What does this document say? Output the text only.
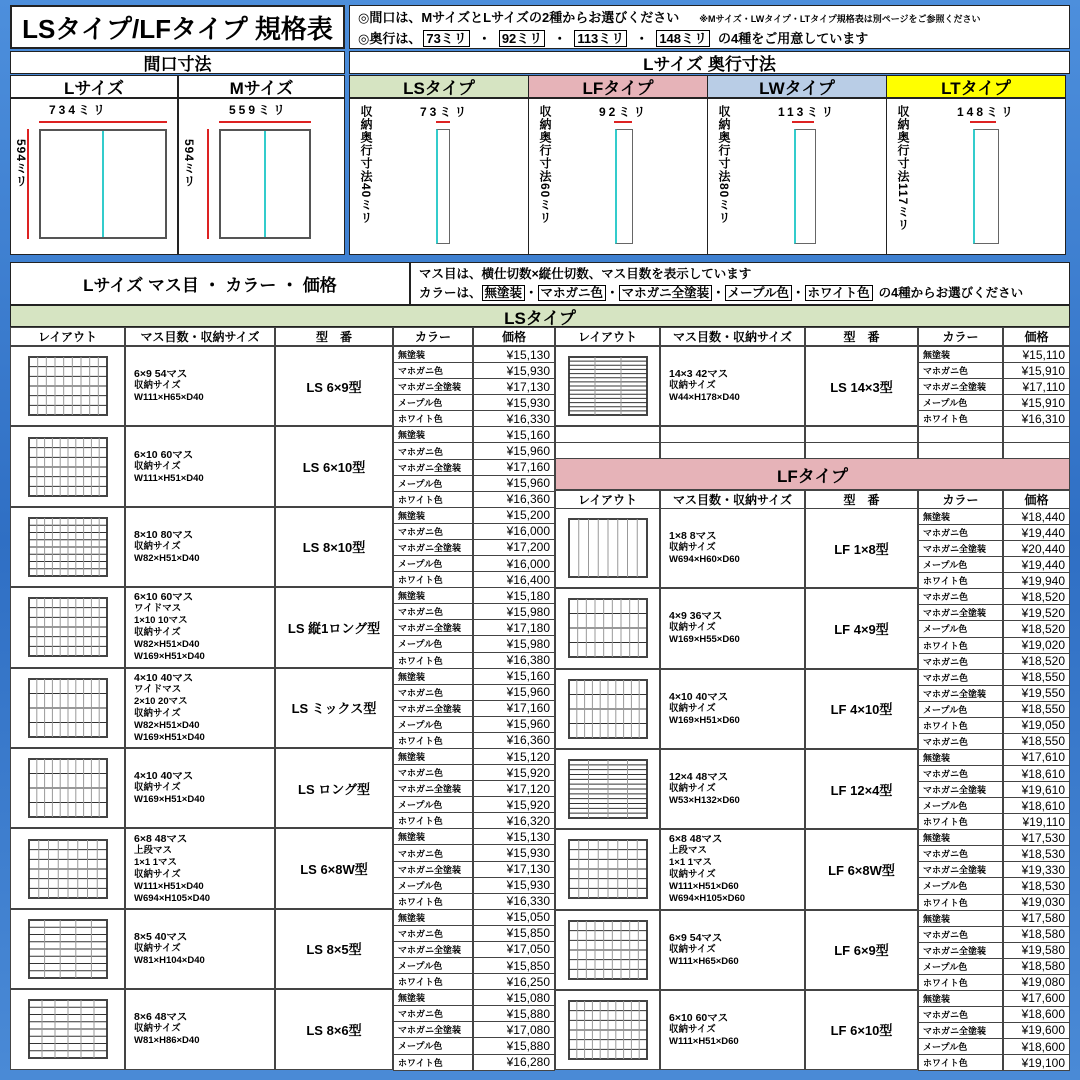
LSタイプ/LFタイプ 規格表	◎間口は、MサイズとLサイズの2種からお選びください ※Mサイズ・LWタイプ・LTタイプ規格表は別ページをご参照ください
◎奥行は、 73ミリ ・ 92ミリ ・ 113ミリ ・ 148ミリ の4種をご用意しています
間口寸法	Lサイズ 奥行寸法
Lサイズ
734ミリ
594ミリ
Mサイズ
559ミリ
594ミリ
LSタイプ
収納奥行寸法40ミリ	73ミリ
LFタイプ
収納奥行寸法60ミリ	92ミリ
LWタイプ
収納奥行寸法80ミリ	113ミリ
LTタイプ
収納奥行寸法117ミリ	148ミリ
Lサイズ マス目 ・ カラー ・ 価格
マス目は、横仕切数×縦仕切数、マス目数を表示しています
カラーは、 無塗装 ・ マホガニ色 ・ マホガニ全塗装 ・ メープル色 ・ ホワイト色 の4種からお選びください
LSタイプ
レイアウト	マス目数・収納サイズ	型　番	カラー	価格	レイアウト	マス目数・収納サイズ	型　番	カラー	価格
6×9 54マス
収納サイズ
W111×H65×D40
LS 6×9型
無塗装	¥15,130
マホガニ色	¥15,930
マホガニ全塗装	¥17,130
メープル色	¥15,930
ホワイト色	¥16,330
6×10 60マス
収納サイズ
W111×H51×D40
LS 6×10型
無塗装	¥15,160
マホガニ色	¥15,960
マホガニ全塗装	¥17,160
メープル色	¥15,960
ホワイト色	¥16,360
8×10 80マス
収納サイズ
W82×H51×D40
LS 8×10型
無塗装	¥15,200
マホガニ色	¥16,000
マホガニ全塗装	¥17,200
メープル色	¥16,000
ホワイト色	¥16,400
6×10 60マス
ワイドマス
1×10 10マス
収納サイズ
W82×H51×D40
W169×H51×D40
LS 縦1ロング型
無塗装	¥15,180
マホガニ色	¥15,980
マホガニ全塗装	¥17,180
メープル色	¥15,980
ホワイト色	¥16,380
4×10 40マス
ワイドマス
2×10 20マス
収納サイズ
W82×H51×D40
W169×H51×D40
LS ミックス型
無塗装	¥15,160
マホガニ色	¥15,960
マホガニ全塗装	¥17,160
メープル色	¥15,960
ホワイト色	¥16,360
4×10 40マス
収納サイズ
W169×H51×D40
LS ロング型
無塗装	¥15,120
マホガニ色	¥15,920
マホガニ全塗装	¥17,120
メープル色	¥15,920
ホワイト色	¥16,320
6×8 48マス
上段マス
1×1 1マス
収納サイズ
W111×H51×D40
W694×H105×D40
LS 6×8W型
無塗装	¥15,130
マホガニ色	¥15,930
マホガニ全塗装	¥17,130
メープル色	¥15,930
ホワイト色	¥16,330
8×5 40マス
収納サイズ
W81×H104×D40
LS 8×5型
無塗装	¥15,050
マホガニ色	¥15,850
マホガニ全塗装	¥17,050
メープル色	¥15,850
ホワイト色	¥16,250
8×6 48マス
収納サイズ
W81×H86×D40
LS 8×6型
無塗装	¥15,080
マホガニ色	¥15,880
マホガニ全塗装	¥17,080
メープル色	¥15,880
ホワイト色	¥16,280
14×3 42マス
収納サイズ
W44×H178×D40
LS 14×3型
無塗装	¥15,110
マホガニ色	¥15,910
マホガニ全塗装	¥17,110
メープル色	¥15,910
ホワイト色	¥16,310
LFタイプ
レイアウト	マス目数・収納サイズ	型　番	カラー	価格
1×8 8マス
収納サイズ
W694×H60×D60
LF 1×8型
無塗装	¥18,440
マホガニ色	¥19,440
マホガニ全塗装	¥20,440
メープル色	¥19,440
ホワイト色	¥19,940
4×9 36マス
収納サイズ
W169×H55×D60
LF 4×9型
マホガニ色	¥18,520
マホガニ全塗装	¥19,520
メープル色	¥18,520
ホワイト色	¥19,020
マホガニ色	¥18,520
4×10 40マス
収納サイズ
W169×H51×D60
LF 4×10型
マホガニ色	¥18,550
マホガニ全塗装	¥19,550
メープル色	¥18,550
ホワイト色	¥19,050
マホガニ色	¥18,550
12×4 48マス
収納サイズ
W53×H132×D60
LF 12×4型
無塗装	¥17,610
マホガニ色	¥18,610
マホガニ全塗装	¥19,610
メープル色	¥18,610
ホワイト色	¥19,110
6×8 48マス
上段マス
1×1 1マス
収納サイズ
W111×H51×D60
W694×H105×D60
LF 6×8W型
無塗装	¥17,530
マホガニ色	¥18,530
マホガニ全塗装	¥19,330
メープル色	¥18,530
ホワイト色	¥19,030
6×9 54マス
収納サイズ
W111×H65×D60
LF 6×9型
無塗装	¥17,580
マホガニ色	¥18,580
マホガニ全塗装	¥19,580
メープル色	¥18,580
ホワイト色	¥19,080
6×10 60マス
収納サイズ
W111×H51×D60
LF 6×10型
無塗装	¥17,600
マホガニ色	¥18,600
マホガニ全塗装	¥19,600
メープル色	¥18,600
ホワイト色	¥19,100
